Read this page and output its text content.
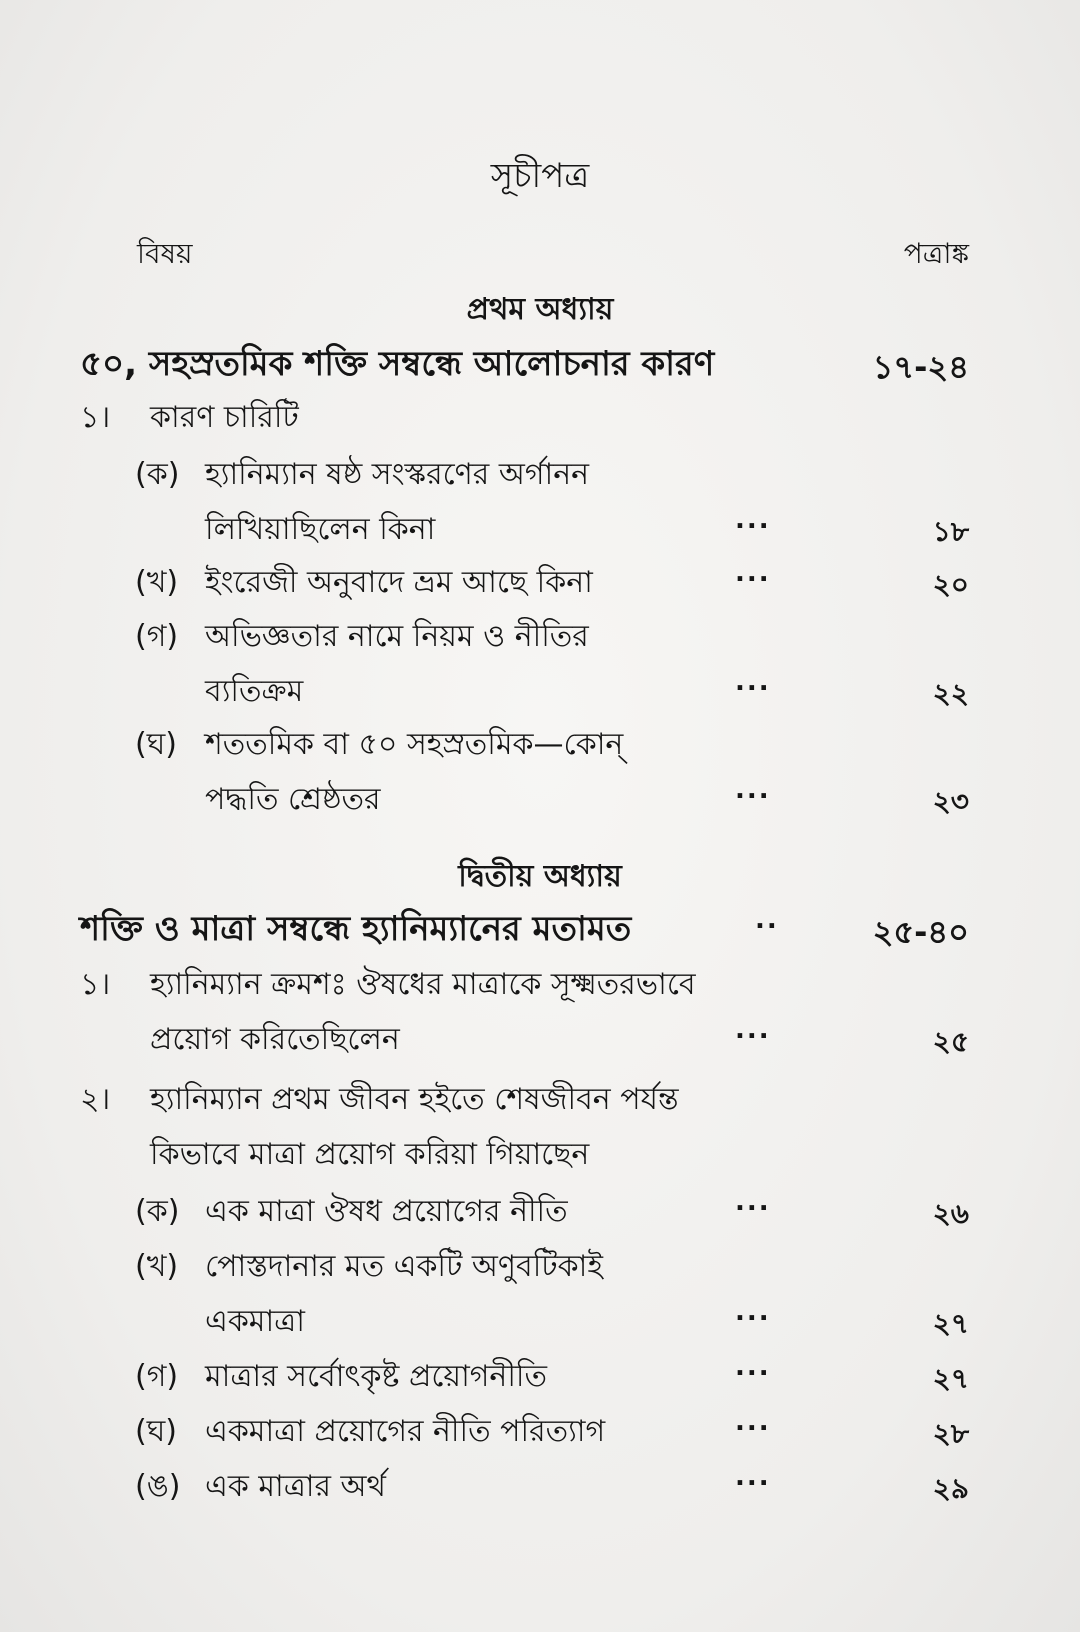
সূচীপত্র
বিষয়	পত্রাঙ্ক
প্রথম অধ্যায়
৫০, সহস্রতমিক শক্তি সম্বন্ধে আলোচনার কারণ	১৭-২৪
১। কারণ চারিটি
(ক) হ্যানিম্যান ষষ্ঠ সংস্করণের অর্গানন
লিখিয়াছিলেন কিনা	...	১৮
(খ) ইংরেজী অনুবাদে ভ্রম আছে কিনা	...	২০
(গ) অভিজ্ঞতার নামে নিয়ম ও নীতির
ব্যতিক্রম	...	২২
(ঘ) শততমিক বা ৫০ সহস্রতমিক—কোন্
পদ্ধতি শ্রেষ্ঠতর	...	২৩
দ্বিতীয় অধ্যায়
শক্তি ও মাত্রা সম্বন্ধে হ্যানিম্যানের মতামত	..	২৫-৪০
১। হ্যানিম্যান ক্রমশঃ ঔষধের মাত্রাকে সূক্ষ্মতরভাবে
প্রয়োগ করিতেছিলেন	...	২৫
২। হ্যানিম্যান প্রথম জীবন হইতে শেষজীবন পর্যন্ত
কিভাবে মাত্রা প্রয়োগ করিয়া গিয়াছেন
(ক) এক মাত্রা ঔষধ প্রয়োগের নীতি	...	২৬
(খ) পোস্তদানার মত একটি অণুবটিকাই
একমাত্রা	...	২৭
(গ) মাত্রার সর্বোৎকৃষ্ট প্রয়োগনীতি	...	২৭
(ঘ) একমাত্রা প্রয়োগের নীতি পরিত্যাগ	...	২৮
(ঙ) এক মাত্রার অর্থ	...	২৯
